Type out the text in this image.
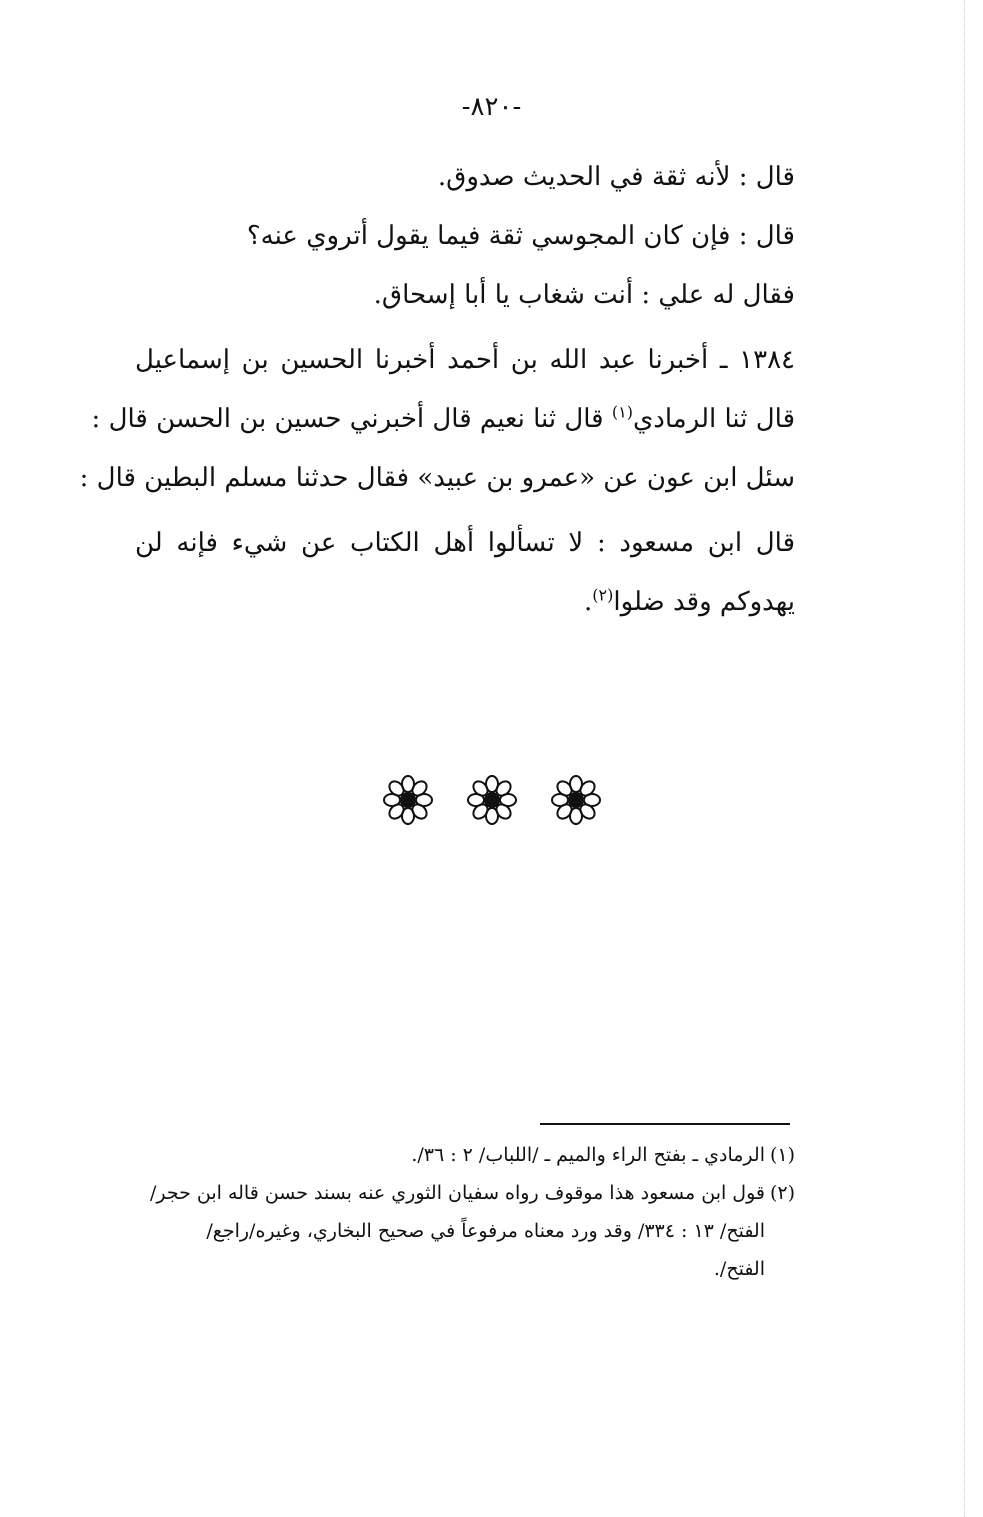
-٨٢٠-
قال : لأنه ثقة في الحديث صدوق.
قال : فإن كان المجوسي ثقة فيما يقول أتروي عنه؟
فقال له علي : أنت شغاب يا أبا إسحاق.
١٣٨٤ ـ أخبرنا عبد الله بن أحمد أخبرنا الحسين بن إسماعيل
قال ثنا الرمادي$^{(١)}$ قال ثنا نعيم قال أخبرني حسين بن الحسن قال :
سئل ابن عون عن «عمرو بن عبيد» فقال حدثنا مسلم البطين قال :
قال ابن مسعود : لا تسألوا أهل الكتاب عن شيء فإنه لن
يهدوكم وقد ضلوا$^{(٢)}$.
(١)الرمادي ـ بفتح الراء والميم ـ /اللباب/ ٢ : ٣٦/.
(٢)قول ابن مسعود هذا موقوف رواه سفيان الثوري عنه بسند حسن قاله ابن حجر/
الفتح/ ١٣ : ٣٣٤/ وقد ورد معناه مرفوعاً في صحيح البخاري، وغيره/راجع/
الفتح/.
